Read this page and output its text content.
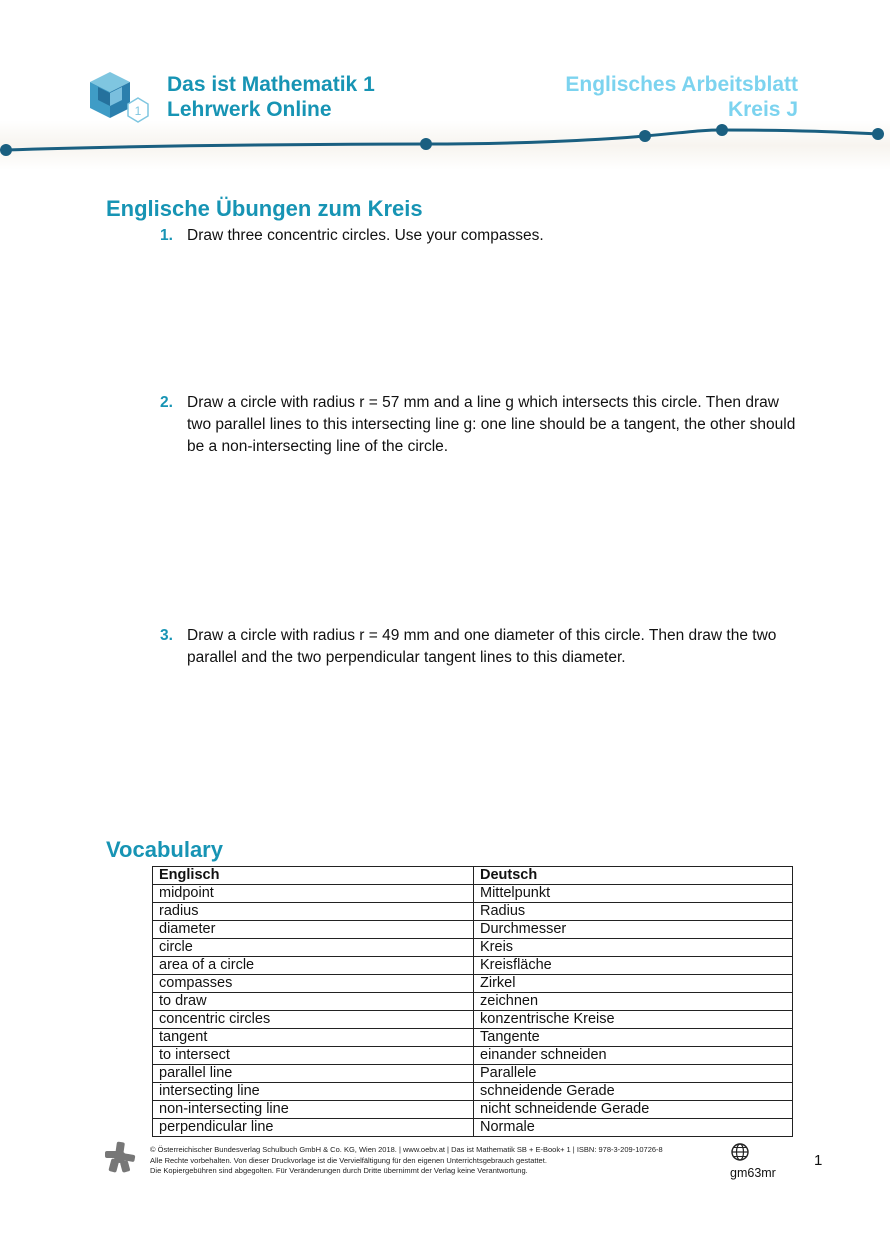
1
Das ist Mathematik 1
Lehrwerk Online
Englisches Arbeitsblatt
Kreis J
Englische Übungen zum Kreis
1. Draw three concentric circles. Use your compasses.
2. Draw a circle with radius r = 57 mm and a line g which intersects this circle. Then draw two parallel lines to this intersecting line g: one line should be a tangent, the other should be a non-intersecting line of the circle.
3. Draw a circle with radius r = 49 mm and one diameter of this circle. Then draw the two parallel and the two perpendicular tangent lines to this diameter.
Vocabulary
Englisch	Deutsch
midpoint	Mittelpunkt
radius	Radius
diameter	Durchmesser
circle	Kreis
area of a circle	Kreisfläche
compasses	Zirkel
to draw	zeichnen
concentric circles	konzentrische Kreise
tangent	Tangente
to intersect	einander schneiden
parallel line	Parallele
intersecting line	schneidende Gerade
non-intersecting line	nicht schneidende Gerade
perpendicular line	Normale
© Österreichischer Bundesverlag Schulbuch GmbH & Co. KG, Wien 2018. | www.oebv.at | Das ist Mathematik SB + E-Book+ 1 | ISBN: 978-3-209-10726-8
Alle Rechte vorbehalten. Von dieser Druckvorlage ist die Vervielfältigung für den eigenen Unterrichtsgebrauch gestattet.
Die Kopiergebühren sind abgegolten. Für Veränderungen durch Dritte übernimmt der Verlag keine Verantwortung.	gm63mr
1
